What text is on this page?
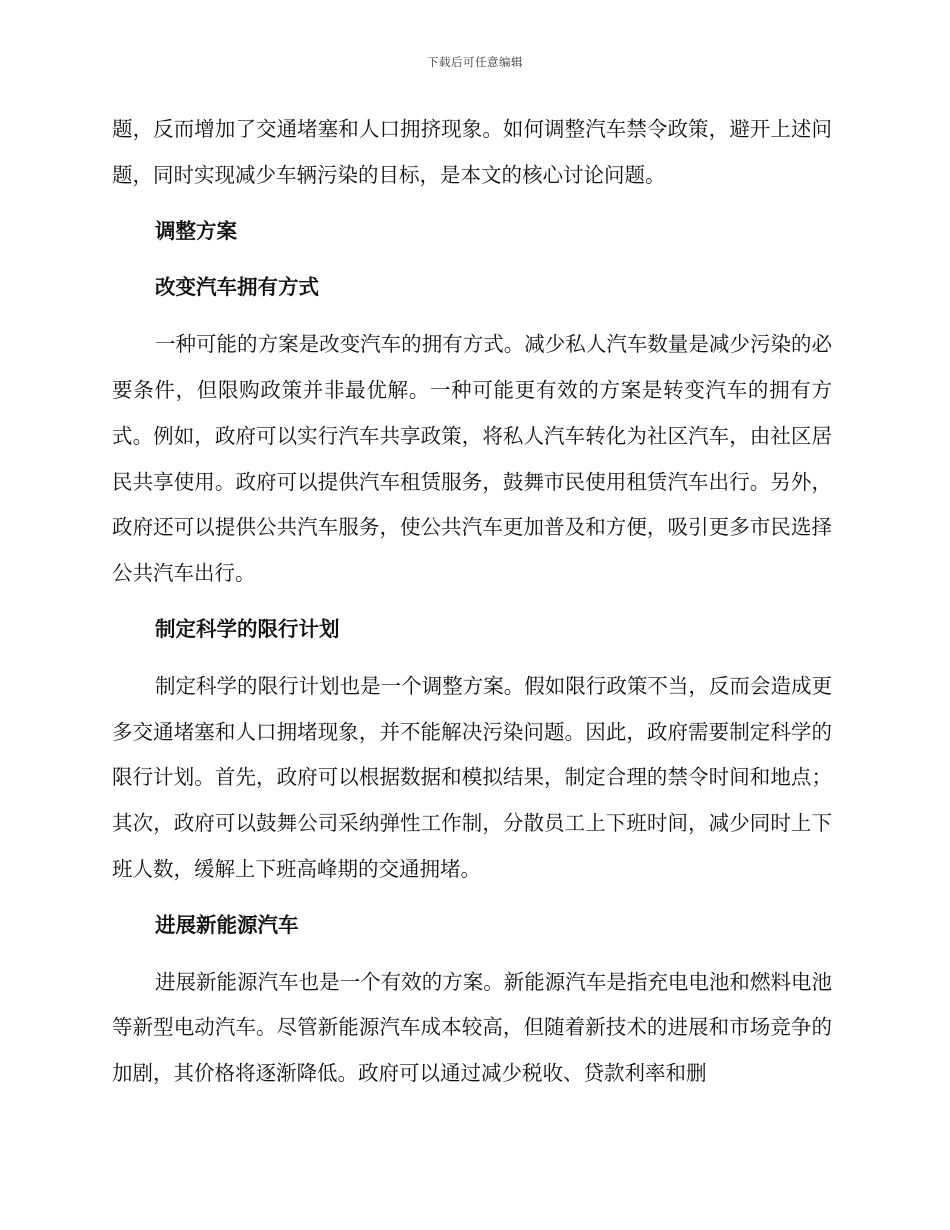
下载后可任意编辑

题，反而增加了交通堵塞和人口拥挤现象。如何调整汽车禁令政策，避开上述问题，同时实现减少车辆污染的目标，是本文的核心讨论问题。

调整方案
改变汽车拥有方式

一种可能的方案是改变汽车的拥有方式。减少私人汽车数量是减少污染的必要条件，但限购政策并非最优解。一种可能更有效的方案是转变汽车的拥有方式。例如，政府可以实行汽车共享政策，将私人汽车转化为社区汽车，由社区居民共享使用。政府可以提供汽车租赁服务，鼓舞市民使用租赁汽车出行。另外，政府还可以提供公共汽车服务，使公共汽车更加普及和方便，吸引更多市民选择公共汽车出行。

制定科学的限行计划

制定科学的限行计划也是一个调整方案。假如限行政策不当，反而会造成更多交通堵塞和人口拥堵现象，并不能解决污染问题。因此，政府需要制定科学的限行计划。首先，政府可以根据数据和模拟结果，制定合理的禁令时间和地点；其次，政府可以鼓舞公司采纳弹性工作制，分散员工上下班时间，减少同时上下班人数，缓解上下班高峰期的交通拥堵。

进展新能源汽车

进展新能源汽车也是一个有效的方案。新能源汽车是指充电电池和燃料电池等新型电动汽车。尽管新能源汽车成本较高，但随着新技术的进展和市场竞争的加剧，其价格将逐渐降低。政府可以通过减少税收、贷款利率和删
